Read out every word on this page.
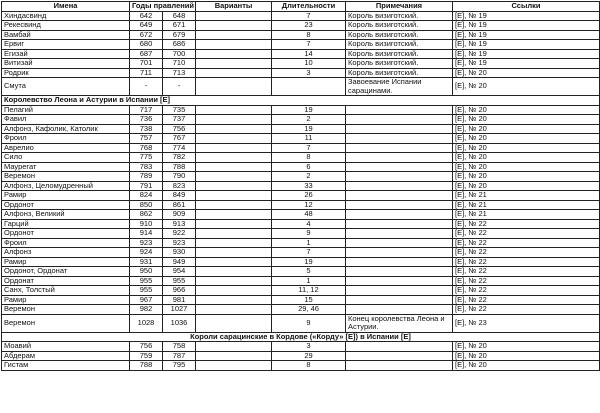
Имена	Годы правлений		Варианты	Длительности	Примечания	Ссылки
Хиндасвинд	642	648		7	Король визиготский.	[E], № 19
Рекесвинд	649	671		23	Король визиготский.	[E], № 19
Вамбай	672	679		8	Король визиготский.	[E], № 19
Ервиг	680	686		7	Король визиготский.	[E], № 19
Егизай	687	700		14	Король визиготский.	[E], № 19
Витизай	701	710		10	Король визиготский.	[E], № 19
Родрик	711	713		3	Король визиготский.	[E], № 20
Смута	-	-			Завоевание Испании сарацинами.	[E], № 20
Королевство Леона и Астурии в Испании [E]						
Пелагий	717	735		19		[E], № 20
Фавил	736	737		2		[E], № 20
Алфонз, Кафолик, Католик	738	756		19		[E], № 20
Фроил	757	767		11		[E], № 20
Аврелио	768	774		7		[E], № 20
Сило	775	782		8		[E], № 20
Маурегат	783	788		6		[E], № 20
Веремон	789	790		2		[E], № 20
Алфонз, Целомудренный	791	823		33		[E], № 20
Рамир	824	849		26		[E], № 21
Ордонот	850	861		12		[E], № 21
Алфонз, Великий	862	909		48		[E], № 21
Гарций	910	913		4		[E], № 22
Ордонот	914	922		9		[E], № 22
Фроил	923	923		1		[E], № 22
Алфонз	924	930		7		[E], № 22
Рамир	931	949		19		[E], № 22
Ордонот, Ордонат	950	954		5		[E], № 22
Ордонат	955	955		1		[E], № 22
Санх, Толстый	955	966		11, 12		[E], № 22
Рамир	967	981		15		[E], № 22
Веремон	982	1027		29, 46		[E], № 22
Веремон	1028	1036		9	Конец королевства Леона и Астурии.	[E], № 23
Короли сарацинские в Кордове («Корду» [E]) в Испании [E]						
Моавий	756	758		3		[E], № 20
Абдерам	759	787		29		[E], № 20
Гистам	788	795		8		[E], № 20
